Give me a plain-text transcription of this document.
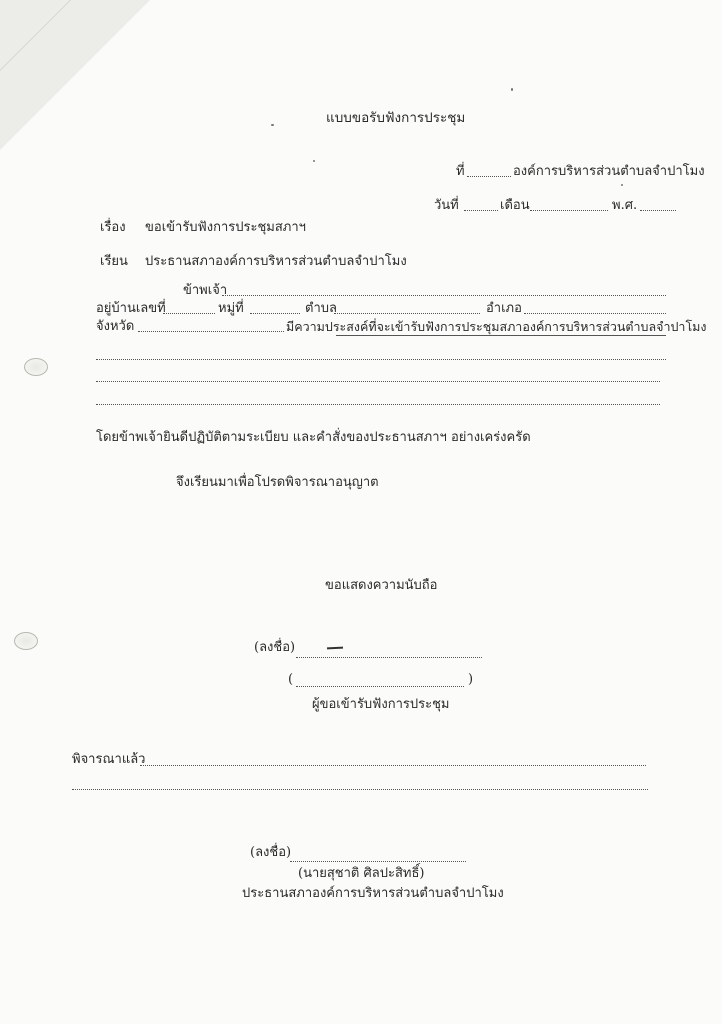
แบบขอรับฟังการประชุม
ที่	องค์การบริหารส่วนตำบลจำปาโมง
วันที่	เดือน	พ.ศ.
เรื่อง ขอเข้ารับฟังการประชุมสภาฯ
เรียน ประธานสภาองค์การบริหารส่วนตำบลจำปาโมง
ข้าพเจ้า
อยู่บ้านเลขที่	หมู่ที่	ตำบล	อำเภอ
จังหวัด	มีความประสงค์ที่จะเข้ารับฟังการประชุมสภาองค์การบริหารส่วนตำบลจำปาโมง
โดยข้าพเจ้ายินดีปฏิบัติตามระเบียบ และคำสั่งของประธานสภาฯ อย่างเคร่งครัด
จึงเรียนมาเพื่อโปรดพิจารณาอนุญาต
ขอแสดงความนับถือ
(ลงชื่อ)
(	)
ผู้ขอเข้ารับฟังการประชุม
พิจารณาแล้ว
(ลงชื่อ)
(นายสุชาติ ศิลปะสิทธิ์)
ประธานสภาองค์การบริหารส่วนตำบลจำปาโมง
